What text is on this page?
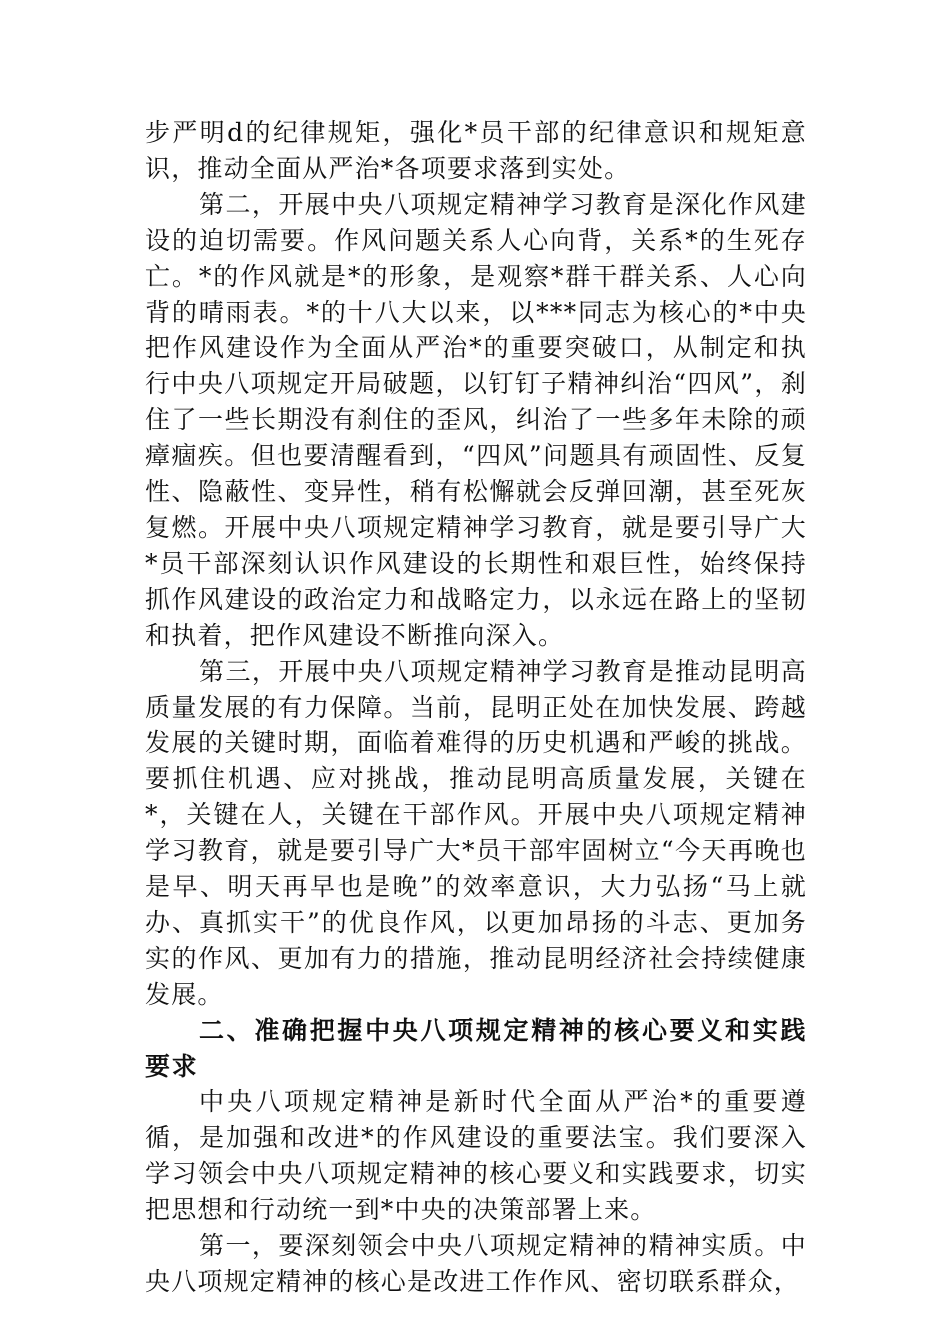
步严明d的纪律规矩，强化*员干部的纪律意识和规矩意识，推动全面从严治*各项要求落到实处。

第二，开展中央八项规定精神学习教育是深化作风建设的迫切需要。作风问题关系人心向背，关系*的生死存亡。*的作风就是*的形象，是观察*群干群关系、人心向背的晴雨表。*的十八大以来，以***同志为核心的*中央把作风建设作为全面从严治*的重要突破口，从制定和执行中央八项规定开局破题，以钉钉子精神纠治“四风”，刹住了一些长期没有刹住的歪风，纠治了一些多年未除的顽瘴痼疾。但也要清醒看到，“四风”问题具有顽固性、反复性、隐蔽性、变异性，稍有松懈就会反弹回潮，甚至死灰复燃。开展中央八项规定精神学习教育，就是要引导广大*员干部深刻认识作风建设的长期性和艰巨性，始终保持抓作风建设的政治定力和战略定力，以永远在路上的坚韧和执着，把作风建设不断推向深入。

第三，开展中央八项规定精神学习教育是推动昆明高质量发展的有力保障。当前，昆明正处在加快发展、跨越发展的关键时期，面临着难得的历史机遇和严峻的挑战。要抓住机遇、应对挑战，推动昆明高质量发展，关键在*，关键在人，关键在干部作风。开展中央八项规定精神学习教育，就是要引导广大*员干部牢固树立“今天再晚也是早、明天再早也是晚”的效率意识，大力弘扬“马上就办、真抓实干”的优良作风，以更加昂扬的斗志、更加务实的作风、更加有力的措施，推动昆明经济社会持续健康发展。

二、准确把握中央八项规定精神的核心要义和实践要求

中央八项规定精神是新时代全面从严治*的重要遵循，是加强和改进*的作风建设的重要法宝。我们要深入学习领会中央八项规定精神的核心要义和实践要求，切实把思想和行动统一到*中央的决策部署上来。

第一，要深刻领会中央八项规定精神的精神实质。中央八项规定精神的核心是改进工作作风、密切联系群众，
